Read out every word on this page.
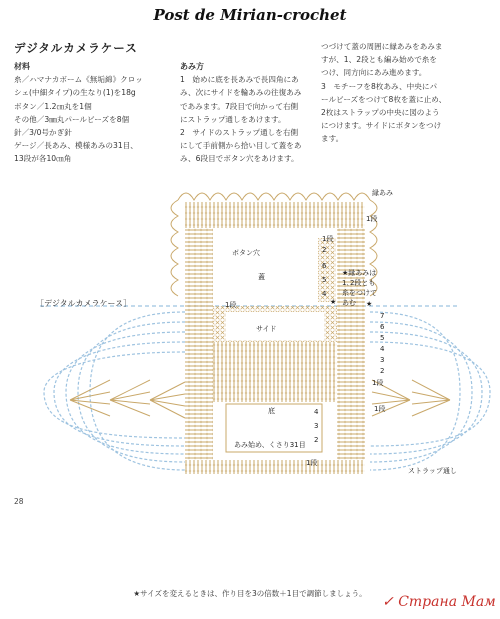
Post de Mirian-crochet
デジタルカメラケース
材料
糸／ハマナカボーム《無垢綿》クロッ
シェ(中細タイプ)の生なり(1)を18g
ボタン／1.2㎝丸を1個
その他／3㎜丸パールビーズを8個
針／3/0号かぎ針
ゲージ／長あみ、模様あみの31目、
13段が各10㎝角
あみ方
1　始めに底を長あみで長四角にあ
み、次にサイドを輪あみの往復あみ
であみます。7段目で向かって右側
にストラップ通しをあけます。
2　サイドのストラップ通しを右側
にして手前側から拾い目して蓋をあ
み、6段目でボタン穴をあけます。
つづけて蓋の周囲に縁あみをあみま
すが、1、2段とも編み始めで糸を
つけ、同方向にあみ進めます。
3　モチーフを8枚あみ、中央にパ
ールビーズをつけて8枚を蓋に止め、
2枚はストラップの中央に図のよう
につけます。サイドにボタンをつけ
ます。
［デジタルカメラケース］
縁あみ
1段
ボタン穴
蓋
サイド
底
あみ始め、くさり31目
ストラップ通し
★縁あみは
1､2段とも
糸をつけて
あむ
6
5
4
2
1段
★
1段
7
6
5
4
3
2
1段
★
4
3
2
1段
1段
28
★サイズを変えるときは、作り目を3の倍数＋1目で調節しましょう。
✓ Страна Мам
